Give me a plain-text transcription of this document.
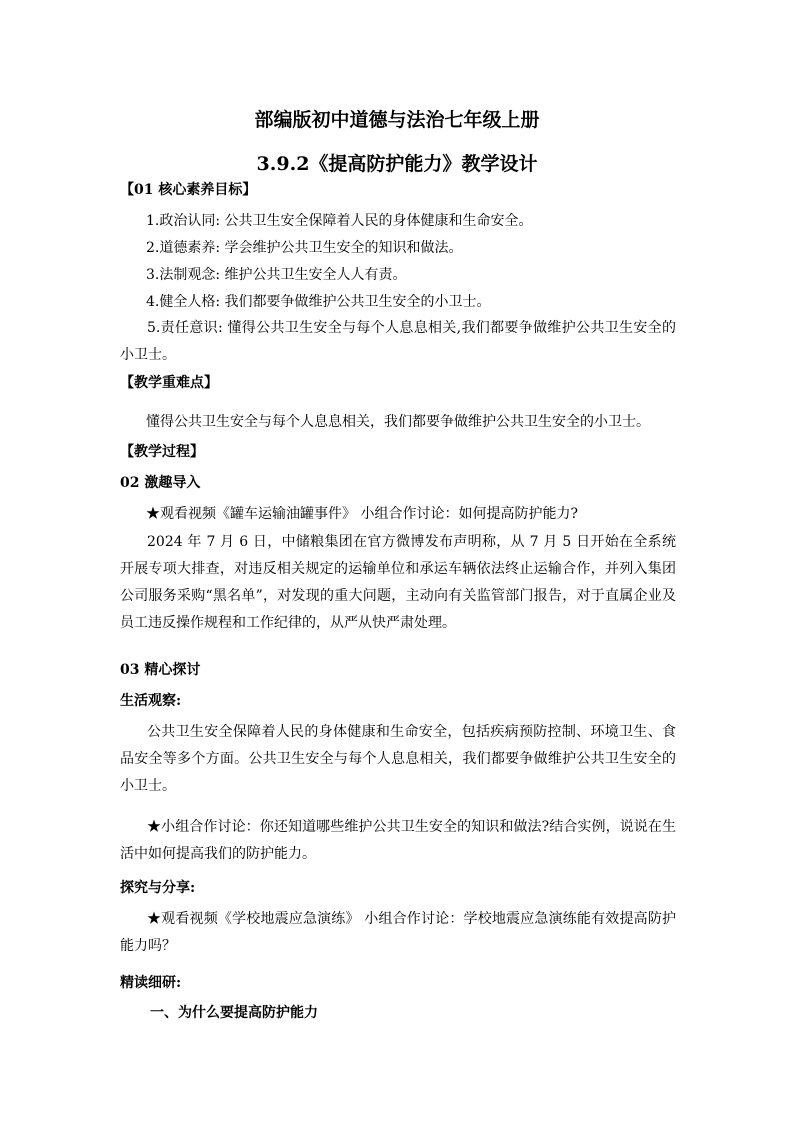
部编版初中道德与法治七年级上册
3.9.2《提高防护能力》教学设计
【01 核心素养目标】
1.政治认同: 公共卫生安全保障着人民的身体健康和生命安全。
2.道德素养: 学会维护公共卫生安全的知识和做法。
3.法制观念: 维护公共卫生安全人人有责。
4.健全人格: 我们都要争做维护公共卫生安全的小卫士。
5.责任意识: 懂得公共卫生安全与每个人息息相关,我们都要争做维护公共卫生安全的小卫士。
【教学重难点】
懂得公共卫生安全与每个人息息相关，我们都要争做维护公共卫生安全的小卫士。
【教学过程】
02 激趣导入
★观看视频《罐车运输油罐事件》 小组合作讨论：如何提高防护能力?
2024 年 7 月 6 日，中储粮集团在官方微博发布声明称，从 7 月 5 日开始在全系统开展专项大排查，对违反相关规定的运输单位和承运车辆依法终止运输合作，并列入集团公司服务采购“黑名单”，对发现的重大问题，主动向有关监管部门报告，对于直属企业及员工违反操作规程和工作纪律的，从严从快严肃处理。
03 精心探讨
生活观察:
公共卫生安全保障着人民的身体健康和生命安全，包括疾病预防控制、环境卫生、食品安全等多个方面。公共卫生安全与每个人息息相关，我们都要争做维护公共卫生安全的小卫士。
★小组合作讨论：你还知道哪些维护公共卫生安全的知识和做法?结合实例，说说在生活中如何提高我们的防护能力。
探究与分享:
★观看视频《学校地震应急演练》 小组合作讨论：学校地震应急演练能有效提高防护能力吗？
精读细研:
一、为什么要提高防护能力
